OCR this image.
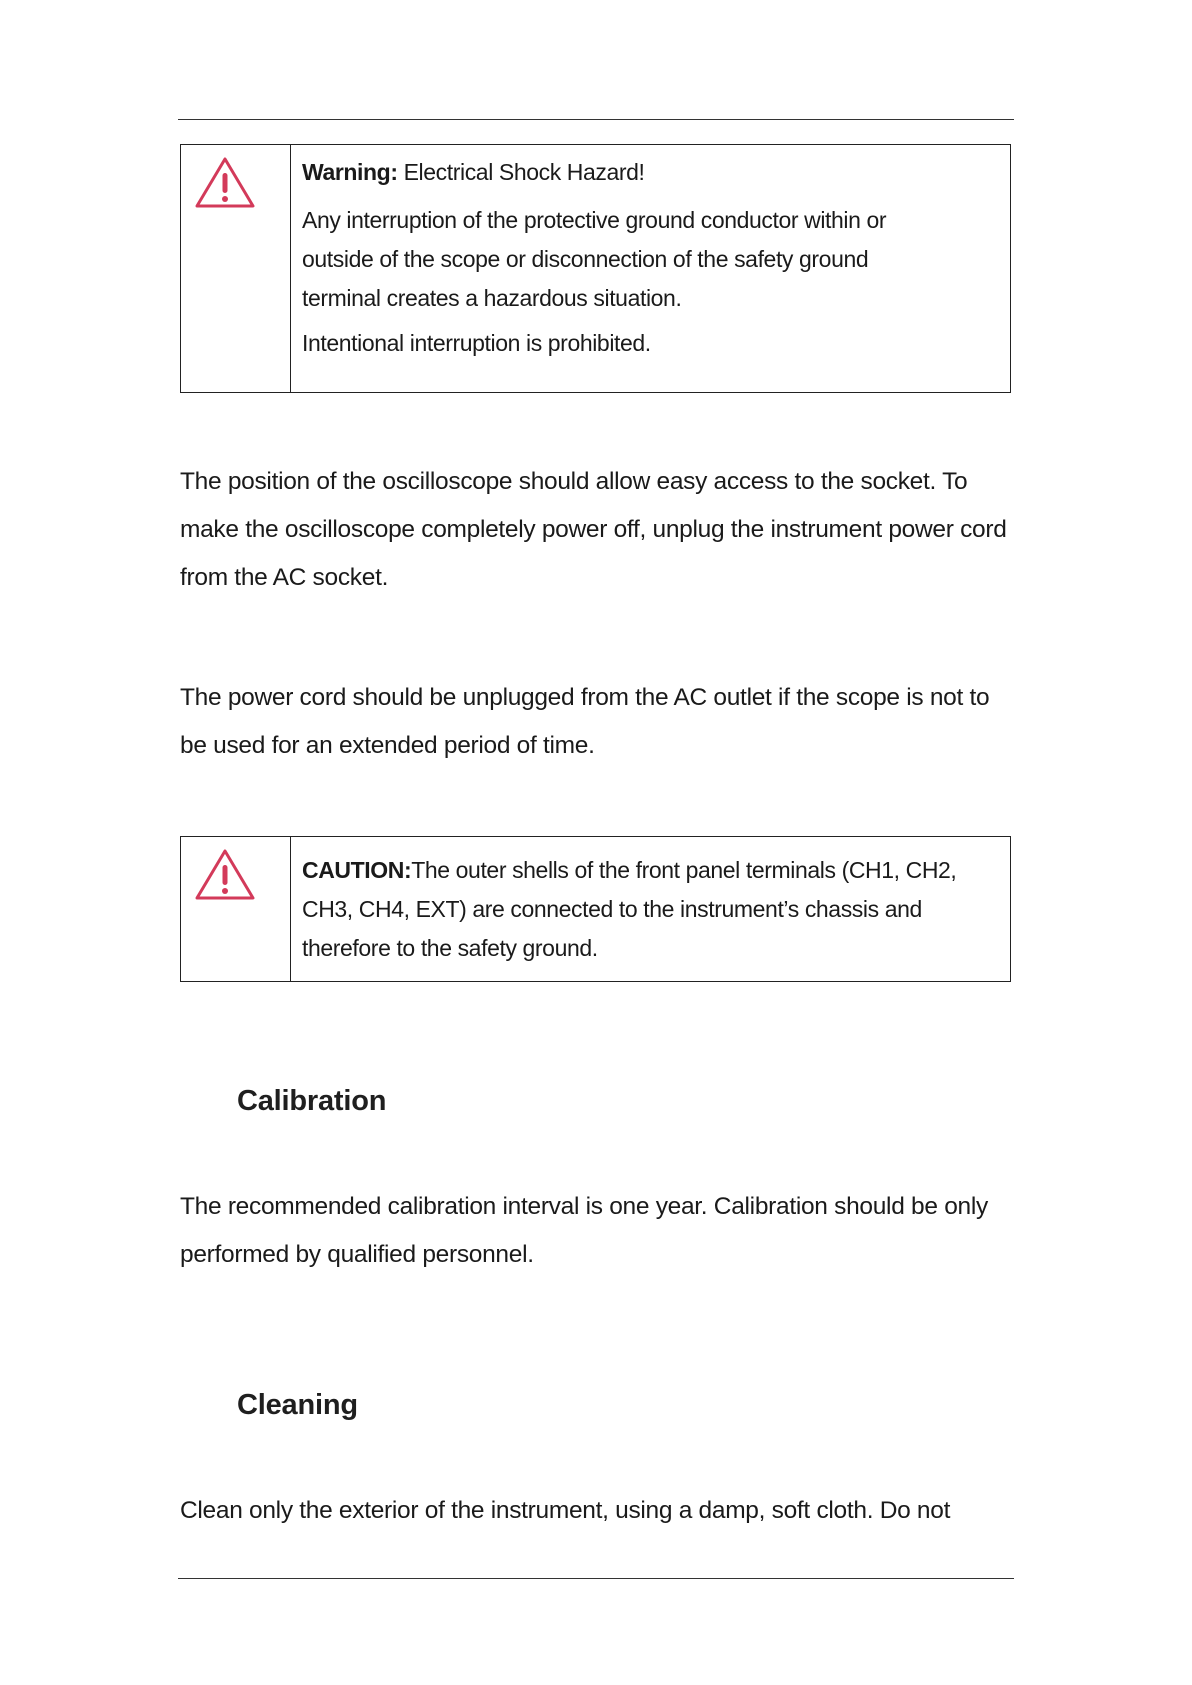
Warning: Electrical Shock Hazard!
Any interruption of the protective ground conductor within or
outside of the scope or disconnection of the safety ground
terminal creates a hazardous situation.
Intentional interruption is prohibited.
The position of the oscilloscope should allow easy access to the socket. To make the oscilloscope completely power off, unplug the instrument power cord from the AC socket.
The power cord should be unplugged from the AC outlet if the scope is not to be used for an extended period of time.
CAUTION:The outer shells of the front panel terminals (CH1, CH2, CH3, CH4, EXT) are connected to the instrument’s chassis and therefore to the safety ground.
Calibration
The recommended calibration interval is one year. Calibration should be only performed by qualified personnel.
Cleaning
Clean only the exterior of the instrument, using a damp, soft cloth. Do not
